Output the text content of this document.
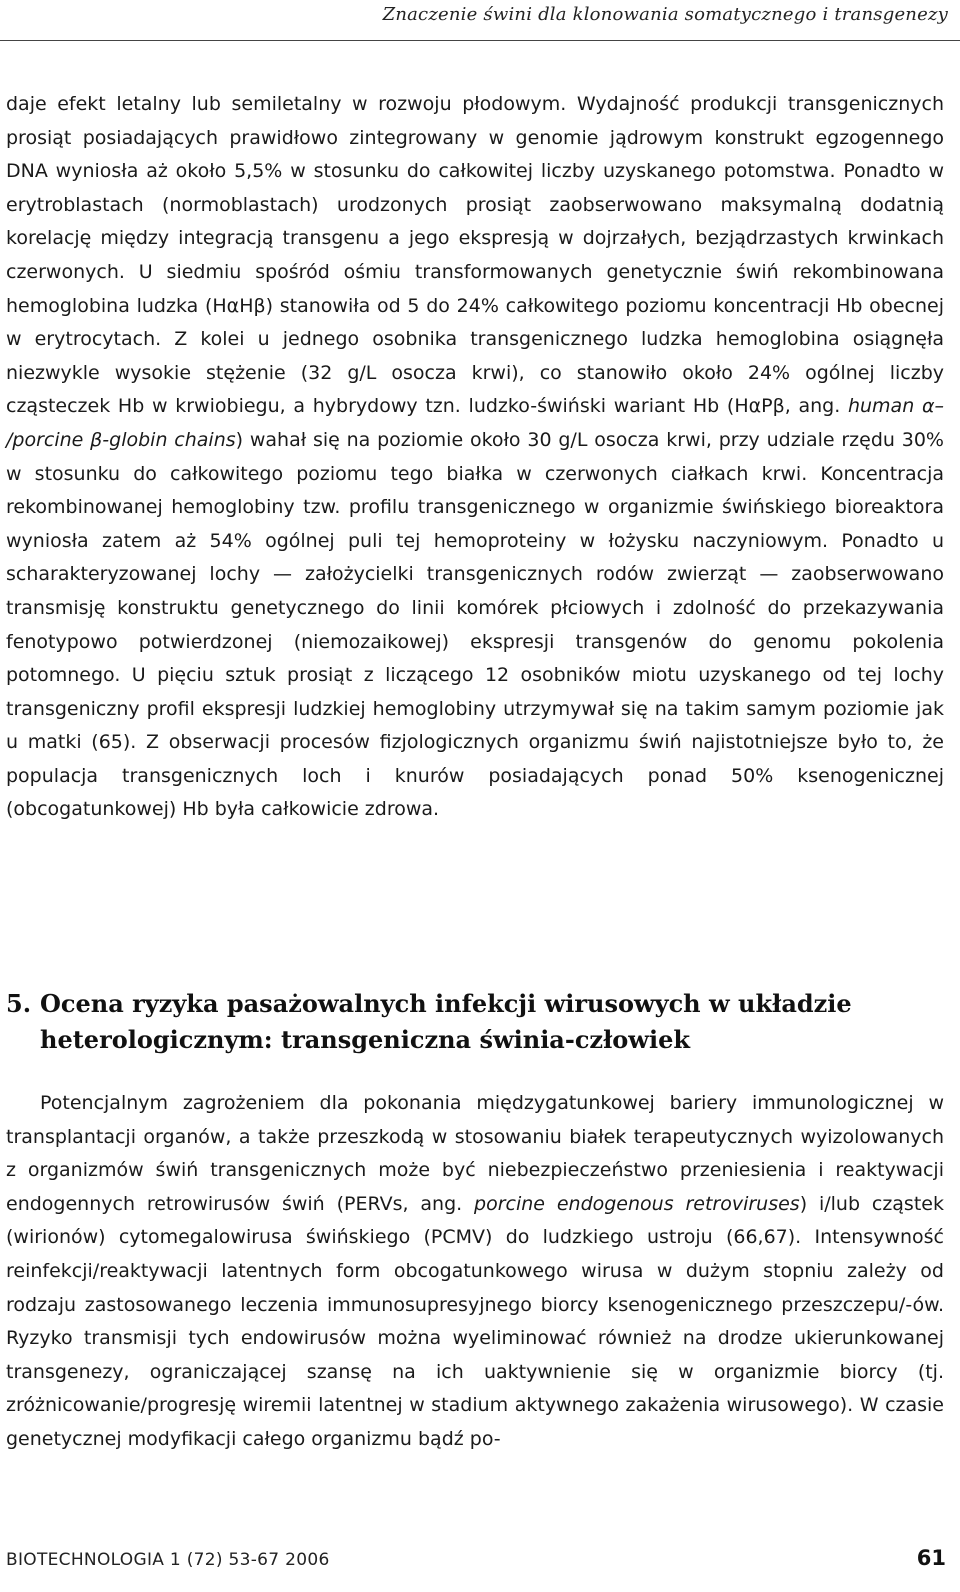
Znaczenie świni dla klonowania somatycznego i transgenezy

daje efekt letalny lub semiletalny w rozwoju płodowym. Wydajność produkcji transgenicznych prosiąt posiadających prawidłowo zintegrowany w genomie jądrowym konstrukt egzogennego DNA wyniosła aż około 5,5% w stosunku do całkowitej liczby uzyskanego potomstwa. Ponadto w erytroblastach (normoblastach) urodzonych prosiąt zaobserwowano maksymalną dodatnią korelację między integracją transgenu a jego ekspresją w dojrzałych, bezjądrzastych krwinkach czerwonych. U siedmiu spośród ośmiu transformowanych genetycznie świń rekombinowana hemoglobina ludzka (HαHβ) stanowiła od 5 do 24% całkowitego poziomu koncentracji Hb obecnej w erytrocytach. Z kolei u jednego osobnika transgenicznego ludzka hemoglobina osiągnęła niezwykle wysokie stężenie (32 g/L osocza krwi), co stanowiło około 24% ogólnej liczby cząsteczek Hb w krwiobiegu, a hybrydowy tzn. ludzko-świński wariant Hb (HαPβ, ang. human α– /porcine β-globin chains) wahał się na poziomie około 30 g/L osocza krwi, przy udziale rzędu 30% w stosunku do całkowitego poziomu tego białka w czerwonych ciałkach krwi. Koncentracja rekombinowanej hemoglobiny tzw. profilu transgenicznego w organizmie świńskiego bioreaktora wyniosła zatem aż 54% ogólnej puli tej hemoproteiny w łożysku naczyniowym. Ponadto u scharakteryzowanej lochy — założycielki transgenicznych rodów zwierząt — zaobserwowano transmisję konstruktu genetycznego do linii komórek płciowych i zdolność do przekazywania fenotypowo potwierdzonej (niemozaikowej) ekspresji transgenów do genomu pokolenia potomnego. U pięciu sztuk prosiąt z liczącego 12 osobników miotu uzyskanego od tej lochy transgeniczny profil ekspresji ludzkiej hemoglobiny utrzymywał się na takim samym poziomie jak u matki (65). Z obserwacji procesów fizjologicznych organizmu świń najistotniejsze było to, że populacja transgenicznych loch i knurów posiadających ponad 50% ksenogenicznej (obcogatunkowej) Hb była całkowicie zdrowa.

5. Ocena ryzyka pasażowalnych infekcji wirusowych w układzie
heterologicznym: transgeniczna świnia-człowiek

Potencjalnym zagrożeniem dla pokonania międzygatunkowej bariery immunologicznej w transplantacji organów, a także przeszkodą w stosowaniu białek terapeutycznych wyizolowanych z organizmów świń transgenicznych może być niebezpieczeństwo przeniesienia i reaktywacji endogennych retrowirusów świń (PERVs, ang. porcine endogenous retroviruses) i/lub cząstek (wirionów) cytomegalowirusa świńskiego (PCMV) do ludzkiego ustroju (66,67). Intensywność reinfekcji/reaktywacji latentnych form obcogatunkowego wirusa w dużym stopniu zależy od rodzaju zastosowanego leczenia immunosupresyjnego biorcy ksenogenicznego przeszczepu/-ów. Ryzyko transmisji tych endowirusów można wyeliminować również na drodze ukierunkowanej transgenezy, ograniczającej szansę na ich uaktywnienie się w organizmie biorcy (tj. zróżnicowanie/progresję wiremii latentnej w stadium aktywnego zakażenia wirusowego). W czasie genetycznej modyfikacji całego organizmu bądź po-

BIOTECHNOLOGIA 1 (72) 53-67 2006	61
